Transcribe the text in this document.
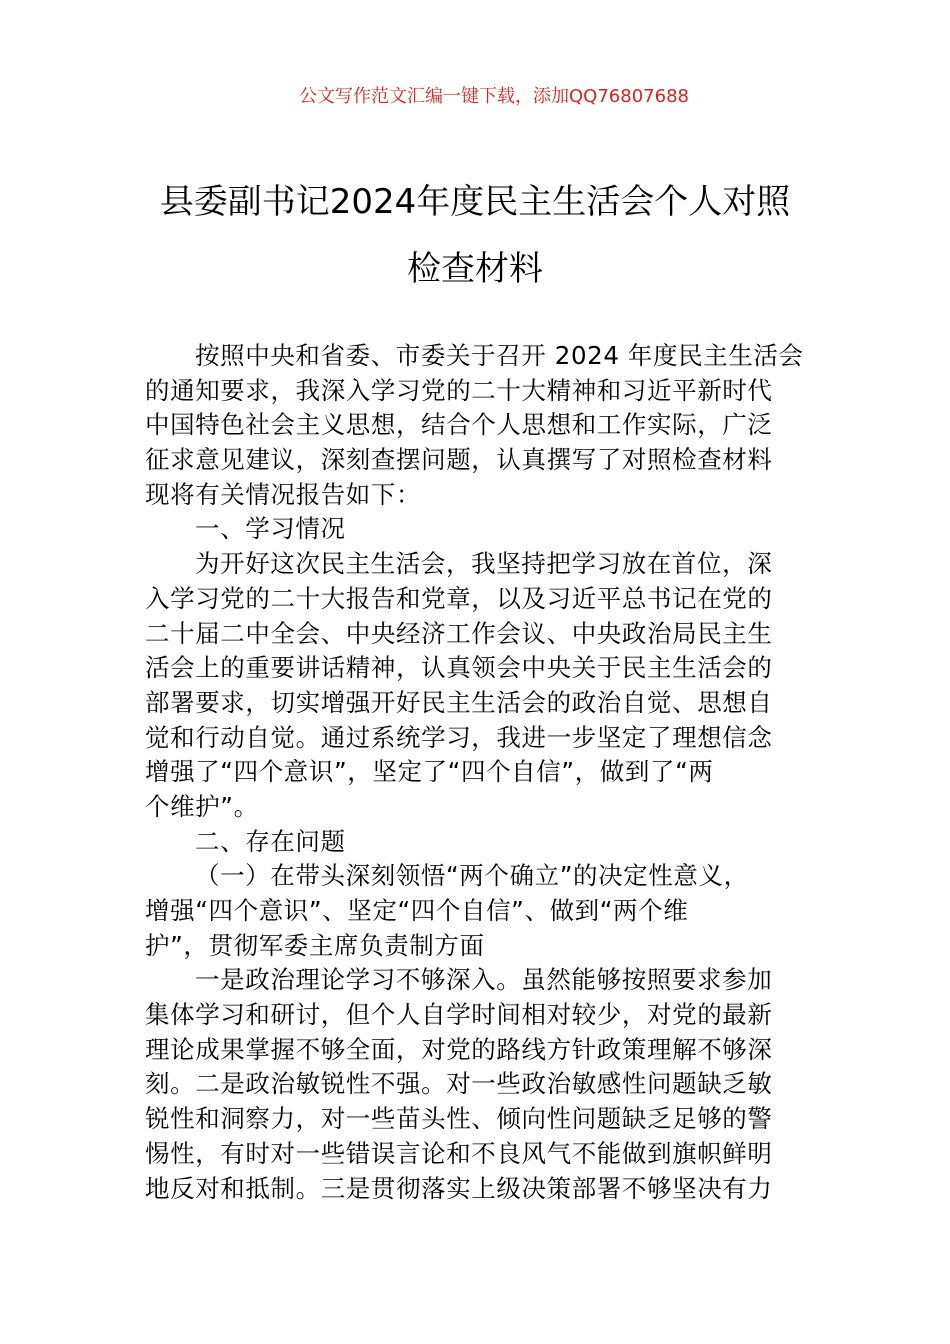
公文写作范文汇编一键下载，添加QQ76807688
县委副书记2024年度民主生活会个人对照
检查材料
按照中央和省委、市委关于召开 2024 年度民主生活会
的通知要求，我深入学习党的二十大精神和习近平新时代
中国特色社会主义思想，结合个人思想和工作实际，广泛
征求意见建议，深刻查摆问题，认真撰写了对照检查材料
现将有关情况报告如下：
一、学习情况
为开好这次民主生活会，我坚持把学习放在首位，深
入学习党的二十大报告和党章，以及习近平总书记在党的
二十届二中全会、中央经济工作会议、中央政治局民主生
活会上的重要讲话精神，认真领会中央关于民主生活会的
部署要求，切实增强开好民主生活会的政治自觉、思想自
觉和行动自觉。通过系统学习，我进一步坚定了理想信念
增强了“四个意识”，坚定了“四个自信”，做到了“两
个维护”。
二、存在问题
（一）在带头深刻领悟“两个确立”的决定性意义，
增强“四个意识”、坚定“四个自信”、做到“两个维
护”，贯彻军委主席负责制方面
一是政治理论学习不够深入。虽然能够按照要求参加
集体学习和研讨，但个人自学时间相对较少，对党的最新
理论成果掌握不够全面，对党的路线方针政策理解不够深
刻。二是政治敏锐性不强。对一些政治敏感性问题缺乏敏
锐性和洞察力，对一些苗头性、倾向性问题缺乏足够的警
惕性，有时对一些错误言论和不良风气不能做到旗帜鲜明
地反对和抵制。三是贯彻落实上级决策部署不够坚决有力
